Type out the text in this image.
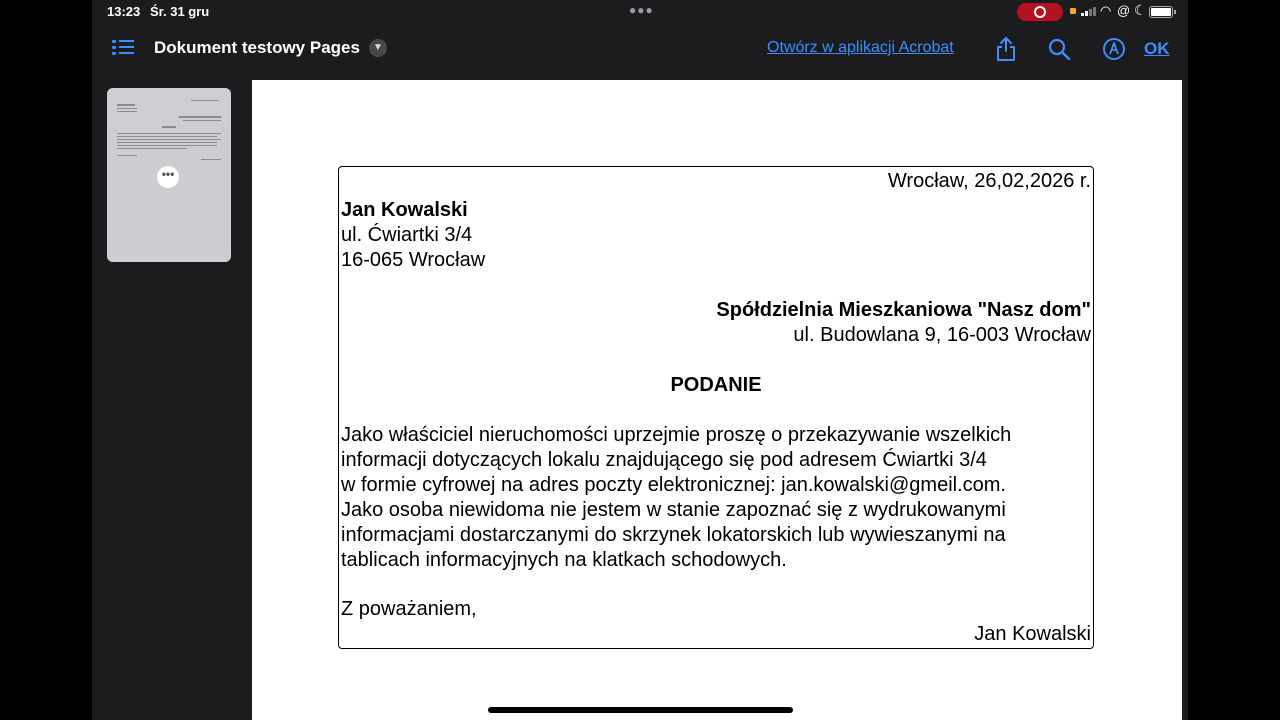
13:23 Śr. 31 gru	●●●	◠ @ ☾
Dokument testowy Pages	▼	Otwórz w aplikacji Acrobat	OK
•••	Wrocław, 26,02,2026 r.
Jan Kowalski
ul. Ćwiartki 3/4
16-065 Wrocław
Spółdzielnia Mieszkaniowa "Nasz dom"
ul. Budowlana 9, 16-003 Wrocław
PODANIE
Jako właściciel nieruchomości uprzejmie proszę o przekazywanie wszelkich
informacji dotyczących lokalu znajdującego się pod adresem Ćwiartki 3/4
w formie cyfrowej na adres poczty elektronicznej: jan.kowalski@gmeil.com.
Jako osoba niewidoma nie jestem w stanie zapoznać się z wydrukowanymi
informacjami dostarczanymi do skrzynek lokatorskich lub wywieszanymi na
tablicach informacyjnych na klatkach schodowych.
Z poważaniem,
Jan Kowalski
